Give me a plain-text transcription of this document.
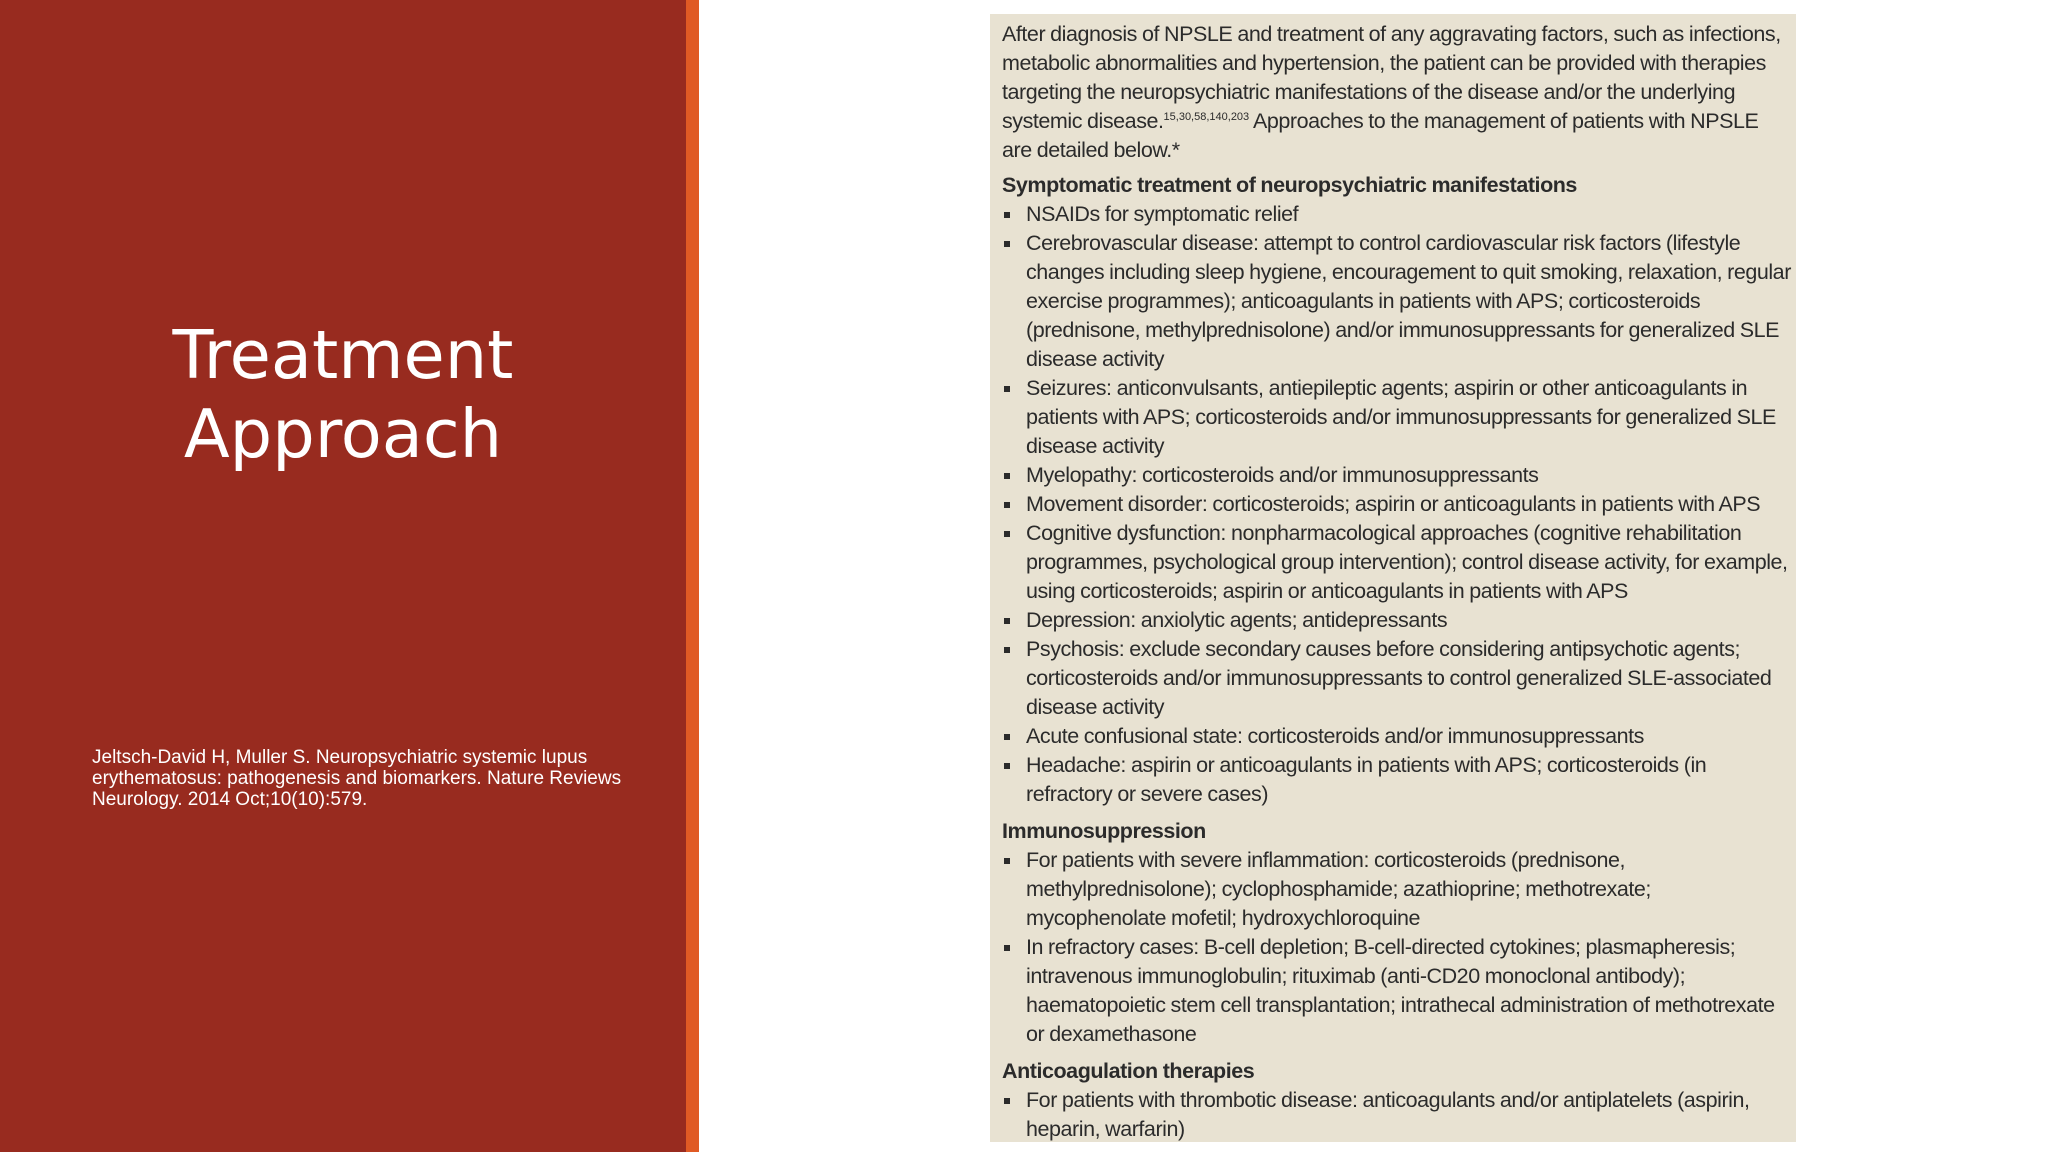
Treatment
Approach

Jeltsch-David H, Muller S. Neuropsychiatric systemic lupus erythematosus: pathogenesis and biomarkers. Nature Reviews Neurology. 2014 Oct;10(10):579.

After diagnosis of NPSLE and treatment of any aggravating factors, such as infections, metabolic abnormalities and hypertension, the patient can be provided with therapies targeting the neuropsychiatric manifestations of the disease and/or the underlying systemic disease.$^{15,30,58,140,203}$ Approaches to the management of patients with NPSLE are detailed below.*

Symptomatic treatment of neuropsychiatric manifestations
NSAIDs for symptomatic relief
Cerebrovascular disease: attempt to control cardiovascular risk factors (lifestyle changes including sleep hygiene, encouragement to quit smoking, relaxation, regular exercise programmes); anticoagulants in patients with APS; corticosteroids (prednisone, methylprednisolone) and/or immunosuppressants for generalized SLE disease activity
Seizures: anticonvulsants, antiepileptic agents; aspirin or other anticoagulants in patients with APS; corticosteroids and/or immunosuppressants for generalized SLE disease activity
Myelopathy: corticosteroids and/or immunosuppressants
Movement disorder: corticosteroids; aspirin or anticoagulants in patients with APS
Cognitive dysfunction: nonpharmacological approaches (cognitive rehabilitation programmes, psychological group intervention); control disease activity, for example, using corticosteroids; aspirin or anticoagulants in patients with APS
Depression: anxiolytic agents; antidepressants
Psychosis: exclude secondary causes before considering antipsychotic agents; corticosteroids and/or immunosuppressants to control generalized SLE-associated disease activity
Acute confusional state: corticosteroids and/or immunosuppressants
Headache: aspirin or anticoagulants in patients with APS; corticosteroids (in refractory or severe cases)
Immunosuppression
For patients with severe inflammation: corticosteroids (prednisone, methylprednisolone); cyclophosphamide; azathioprine; methotrexate; mycophenolate mofetil; hydroxychloroquine
In refractory cases: B-cell depletion; B-cell-directed cytokines; plasmapheresis; intravenous immunoglobulin; rituximab (anti-CD20 monoclonal antibody); haematopoietic stem cell transplantation; intrathecal administration of methotrexate or dexamethasone
Anticoagulation therapies
For patients with thrombotic disease: anticoagulants and/or antiplatelets (aspirin, heparin, warfarin)
